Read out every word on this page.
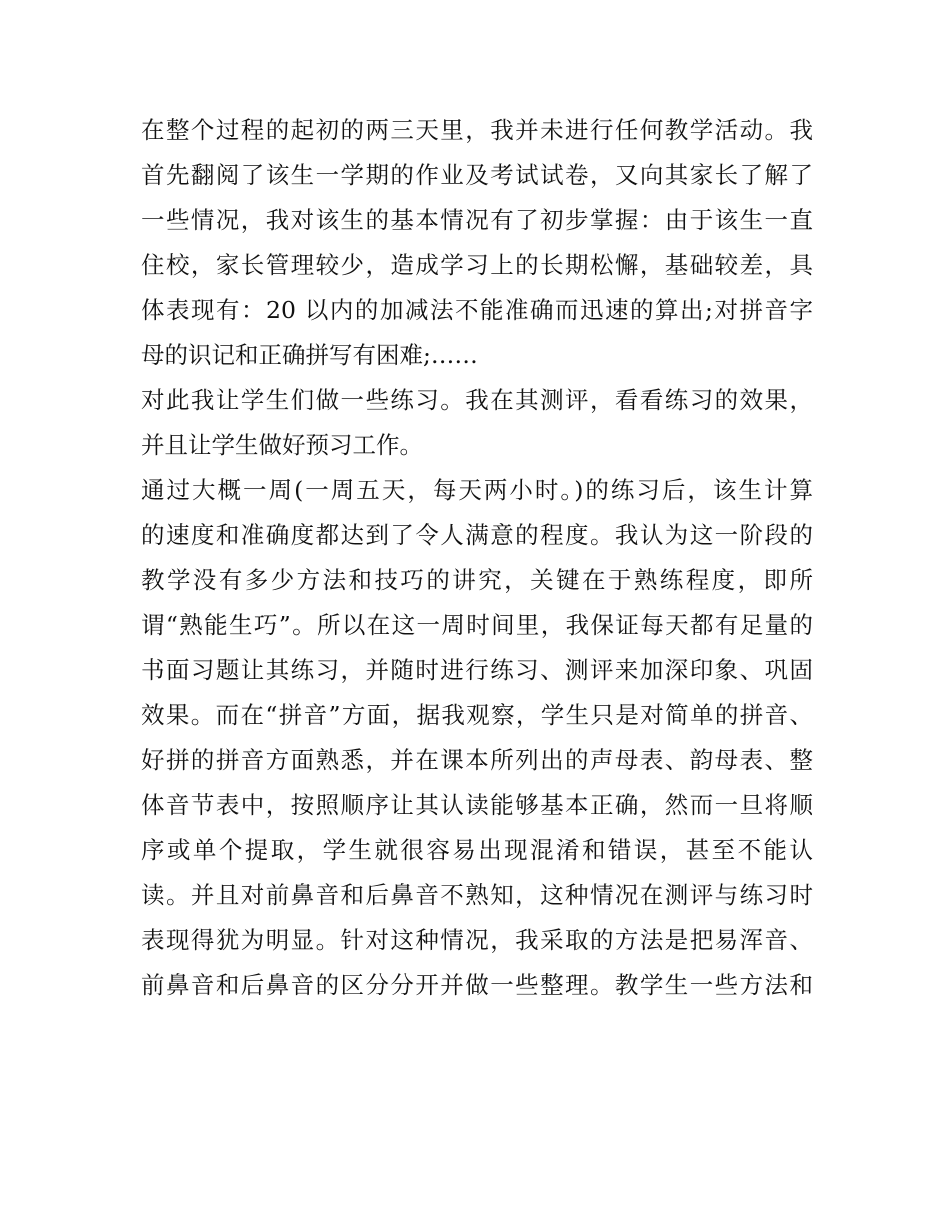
在整个过程的起初的两三天里，我并未进行任何教学活动。我
首先翻阅了该生一学期的作业及考试试卷，又向其家长了解了
一些情况，我对该生的基本情况有了初步掌握：由于该生一直
住校，家长管理较少，造成学习上的长期松懈，基础较差，具
体表现有：20 以内的加减法不能准确而迅速的算出;对拼音字
母的识记和正确拼写有困难;……
对此我让学生们做一些练习。我在其测评，看看练习的效果，
并且让学生做好预习工作。
通过大概一周(一周五天，每天两小时。)的练习后，该生计算
的速度和准确度都达到了令人满意的程度。我认为这一阶段的
教学没有多少方法和技巧的讲究，关键在于熟练程度，即所
谓“熟能生巧”。所以在这一周时间里，我保证每天都有足量的
书面习题让其练习，并随时进行练习、测评来加深印象、巩固
效果。而在“拼音”方面，据我观察，学生只是对简单的拼音、
好拼的拼音方面熟悉，并在课本所列出的声母表、韵母表、整
体音节表中，按照顺序让其认读能够基本正确，然而一旦将顺
序或单个提取，学生就很容易出现混淆和错误，甚至不能认
读。并且对前鼻音和后鼻音不熟知，这种情况在测评与练习时
表现得犹为明显。针对这种情况，我采取的方法是把易浑音、
前鼻音和后鼻音的区分分开并做一些整理。教学生一些方法和
